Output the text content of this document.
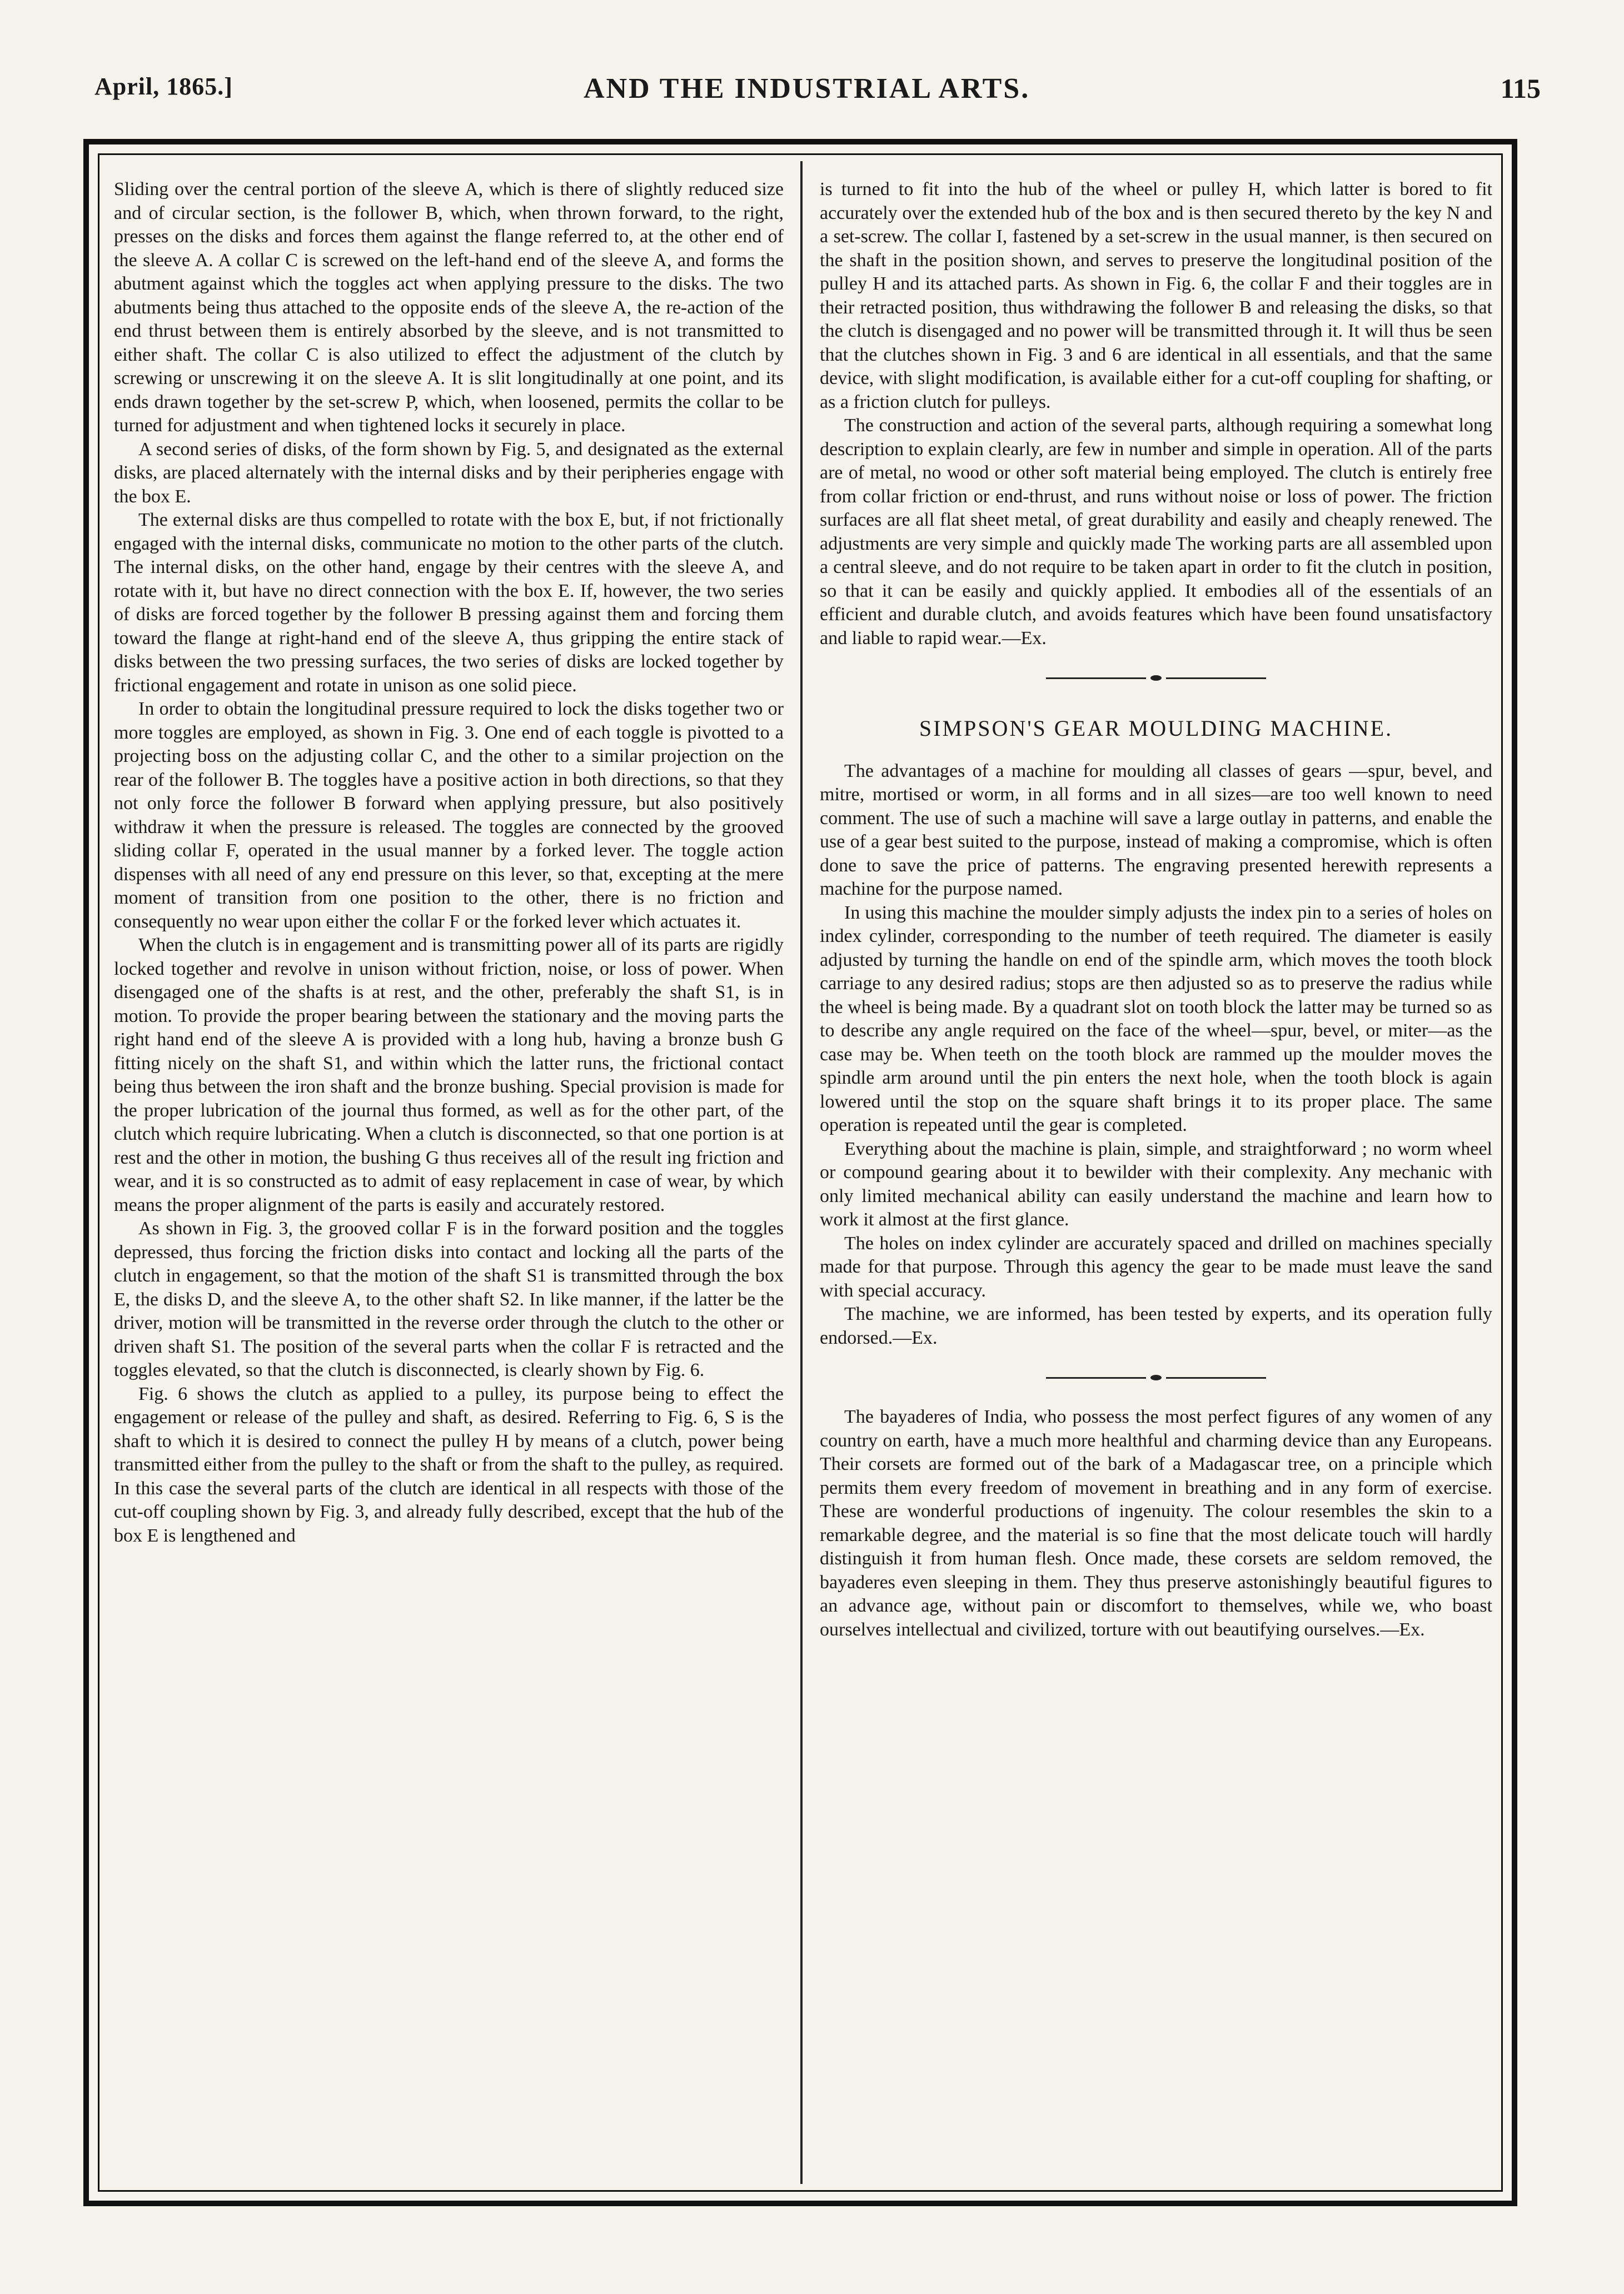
April, 1865.]	AND THE INDUSTRIAL ARTS.	115

Sliding over the central portion of the sleeve A, which is there of slightly reduced size and of circular section, is the follower B, which, when thrown forward, to the right, presses on the disks and forces them against the flange referred to, at the other end of the sleeve A. A collar C is screwed on the left-hand end of the sleeve A, and forms the abutment against which the toggles act when applying pressure to the disks. The two abutments being thus attached to the opposite ends of the sleeve A, the re-action of the end thrust between them is entirely absorbed by the sleeve, and is not transmitted to either shaft. The collar C is also utilized to effect the adjustment of the clutch by screwing or unscrewing it on the sleeve A. It is slit longitudinally at one point, and its ends drawn together by the set-screw P, which, when loosened, permits the collar to be turned for adjustment and when tightened locks it securely in place.

A second series of disks, of the form shown by Fig. 5, and designated as the external disks, are placed alternately with the internal disks and by their peripheries engage with the box E.

The external disks are thus compelled to rotate with the box E, but, if not frictionally engaged with the internal disks, communicate no motion to the other parts of the clutch. The internal disks, on the other hand, engage by their centres with the sleeve A, and rotate with it, but have no direct connection with the box E. If, however, the two series of disks are forced together by the follower B pressing against them and forcing them toward the flange at right-hand end of the sleeve A, thus gripping the entire stack of disks between the two pressing surfaces, the two series of disks are locked together by frictional engagement and rotate in unison as one solid piece.

In order to obtain the longitudinal pressure required to lock the disks together two or more toggles are employed, as shown in Fig. 3. One end of each toggle is pivotted to a projecting boss on the adjusting collar C, and the other to a similar projection on the rear of the follower B. The toggles have a positive action in both directions, so that they not only force the follower B forward when applying pressure, but also positively withdraw it when the pressure is released. The toggles are connected by the grooved sliding collar F, operated in the usual manner by a forked lever. The toggle action dispenses with all need of any end pressure on this lever, so that, excepting at the mere moment of transition from one position to the other, there is no friction and consequently no wear upon either the collar F or the forked lever which actuates it.

When the clutch is in engagement and is transmitting power all of its parts are rigidly locked together and revolve in unison without friction, noise, or loss of power. When disengaged one of the shafts is at rest, and the other, preferably the shaft S1, is in motion. To provide the proper bearing between the stationary and the moving parts the right hand end of the sleeve A is provided with a long hub, having a bronze bush G fitting nicely on the shaft S1, and within which the latter runs, the frictional contact being thus between the iron shaft and the bronze bushing. Special provision is made for the proper lubrication of the journal thus formed, as well as for the other part, of the clutch which require lubricating. When a clutch is disconnected, so that one portion is at rest and the other in motion, the bushing G thus receives all of the result ing friction and wear, and it is so constructed as to admit of easy replacement in case of wear, by which means the proper alignment of the parts is easily and accurately restored.

As shown in Fig. 3, the grooved collar F is in the forward position and the toggles depressed, thus forcing the friction disks into contact and locking all the parts of the clutch in engagement, so that the motion of the shaft S1 is transmitted through the box E, the disks D, and the sleeve A, to the other shaft S2. In like manner, if the latter be the driver, motion will be transmitted in the reverse order through the clutch to the other or driven shaft S1. The position of the several parts when the collar F is retracted and the toggles elevated, so that the clutch is disconnected, is clearly shown by Fig. 6.

Fig. 6 shows the clutch as applied to a pulley, its purpose being to effect the engagement or release of the pulley and shaft, as desired. Referring to Fig. 6, S is the shaft to which it is desired to connect the pulley H by means of a clutch, power being transmitted either from the pulley to the shaft or from the shaft to the pulley, as required. In this case the several parts of the clutch are identical in all respects with those of the cut-off coupling shown by Fig. 3, and already fully described, except that the hub of the box E is lengthened and

is turned to fit into the hub of the wheel or pulley H, which latter is bored to fit accurately over the extended hub of the box and is then secured thereto by the key N and a set-screw. The collar I, fastened by a set-screw in the usual manner, is then secured on the shaft in the position shown, and serves to preserve the longitudinal position of the pulley H and its attached parts. As shown in Fig. 6, the collar F and their toggles are in their retracted position, thus withdrawing the follower B and releasing the disks, so that the clutch is disengaged and no power will be transmitted through it. It will thus be seen that the clutches shown in Fig. 3 and 6 are identical in all essentials, and that the same device, with slight modification, is available either for a cut-off coupling for shafting, or as a friction clutch for pulleys.

The construction and action of the several parts, although requiring a somewhat long description to explain clearly, are few in number and simple in operation. All of the parts are of metal, no wood or other soft material being employed. The clutch is entirely free from collar friction or end-thrust, and runs without noise or loss of power. The friction surfaces are all flat sheet metal, of great durability and easily and cheaply renewed. The adjustments are very simple and quickly made The working parts are all assembled upon a central sleeve, and do not require to be taken apart in order to fit the clutch in position, so that it can be easily and quickly applied. It embodies all of the essentials of an efficient and durable clutch, and avoids features which have been found unsatisfactory and liable to rapid wear.—Ex.

SIMPSON'S GEAR MOULDING MACHINE.

The advantages of a machine for moulding all classes of gears —spur, bevel, and mitre, mortised or worm, in all forms and in all sizes—are too well known to need comment. The use of such a machine will save a large outlay in patterns, and enable the use of a gear best suited to the purpose, instead of making a compromise, which is often done to save the price of patterns. The engraving presented herewith represents a machine for the purpose named.

In using this machine the moulder simply adjusts the index pin to a series of holes on index cylinder, corresponding to the number of teeth required. The diameter is easily adjusted by turning the handle on end of the spindle arm, which moves the tooth block carriage to any desired radius; stops are then adjusted so as to preserve the radius while the wheel is being made. By a quadrant slot on tooth block the latter may be turned so as to describe any angle required on the face of the wheel—spur, bevel, or miter—as the case may be. When teeth on the tooth block are rammed up the moulder moves the spindle arm around until the pin enters the next hole, when the tooth block is again lowered until the stop on the square shaft brings it to its proper place. The same operation is repeated until the gear is completed.

Everything about the machine is plain, simple, and straightforward ; no worm wheel or compound gearing about it to bewilder with their complexity. Any mechanic with only limited mechanical ability can easily understand the machine and learn how to work it almost at the first glance.

The holes on index cylinder are accurately spaced and drilled on machines specially made for that purpose. Through this agency the gear to be made must leave the sand with special accuracy.

The machine, we are informed, has been tested by experts, and its operation fully endorsed.—Ex.

The bayaderes of India, who possess the most perfect figures of any women of any country on earth, have a much more healthful and charming device than any Europeans. Their corsets are formed out of the bark of a Madagascar tree, on a principle which permits them every freedom of movement in breathing and in any form of exercise. These are wonderful productions of ingenuity. The colour resembles the skin to a remarkable degree, and the material is so fine that the most delicate touch will hardly distinguish it from human flesh. Once made, these corsets are seldom removed, the bayaderes even sleeping in them. They thus preserve astonishingly beautiful figures to an advance age, without pain or discomfort to themselves, while we, who boast ourselves intellectual and civilized, torture with out beautifying ourselves.—Ex.
